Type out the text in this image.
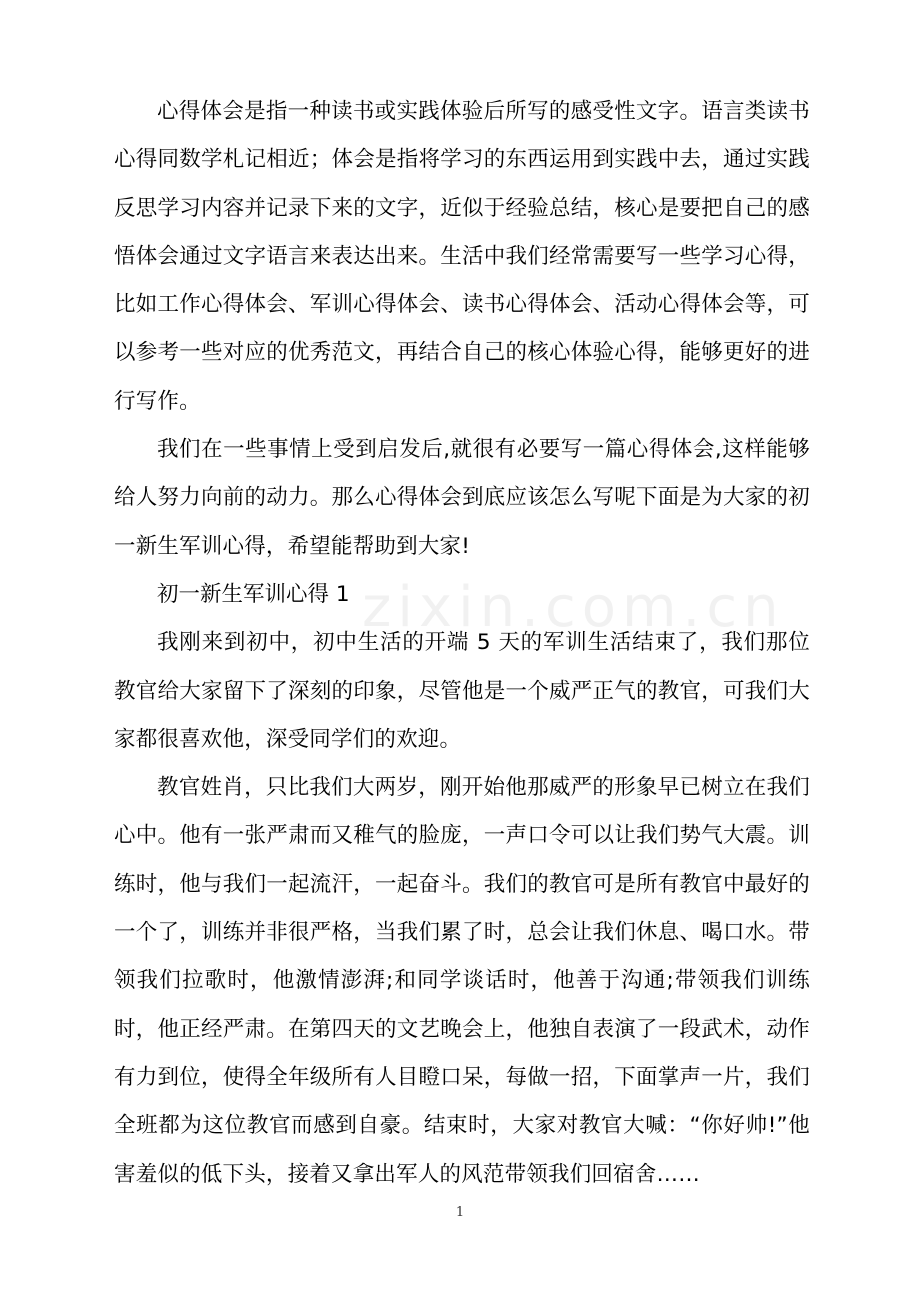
zixin.com.cn

心得体会是指一种读书或实践体验后所写的感受性文字。语言类读书心得同数学札记相近；体会是指将学习的东西运用到实践中去，通过实践反思学习内容并记录下来的文字，近似于经验总结，核心是要把自己的感悟体会通过文字语言来表达出来。生活中我们经常需要写一些学习心得，比如工作心得体会、军训心得体会、读书心得体会、活动心得体会等，可以参考一些对应的优秀范文，再结合自己的核心体验心得，能够更好的进行写作。

我们在一些事情上受到启发后,就很有必要写一篇心得体会,这样能够给人努力向前的动力。那么心得体会到底应该怎么写呢下面是为大家的初一新生军训心得，希望能帮助到大家!

初一新生军训心得 1

我刚来到初中，初中生活的开端 5 天的军训生活结束了，我们那位教官给大家留下了深刻的印象，尽管他是一个威严正气的教官，可我们大家都很喜欢他，深受同学们的欢迎。

教官姓肖，只比我们大两岁，刚开始他那威严的形象早已树立在我们心中。他有一张严肃而又稚气的脸庞，一声口令可以让我们势气大震。训练时，他与我们一起流汗，一起奋斗。我们的教官可是所有教官中最好的一个了，训练并非很严格，当我们累了时，总会让我们休息、喝口水。带领我们拉歌时，他激情澎湃;和同学谈话时，他善于沟通;带领我们训练时，他正经严肃。在第四天的文艺晚会上，他独自表演了一段武术，动作有力到位，使得全年级所有人目瞪口呆，每做一招，下面掌声一片，我们全班都为这位教官而感到自豪。结束时，大家对教官大喊：“你好帅!”他害羞似的低下头，接着又拿出军人的风范带领我们回宿舍……

1
